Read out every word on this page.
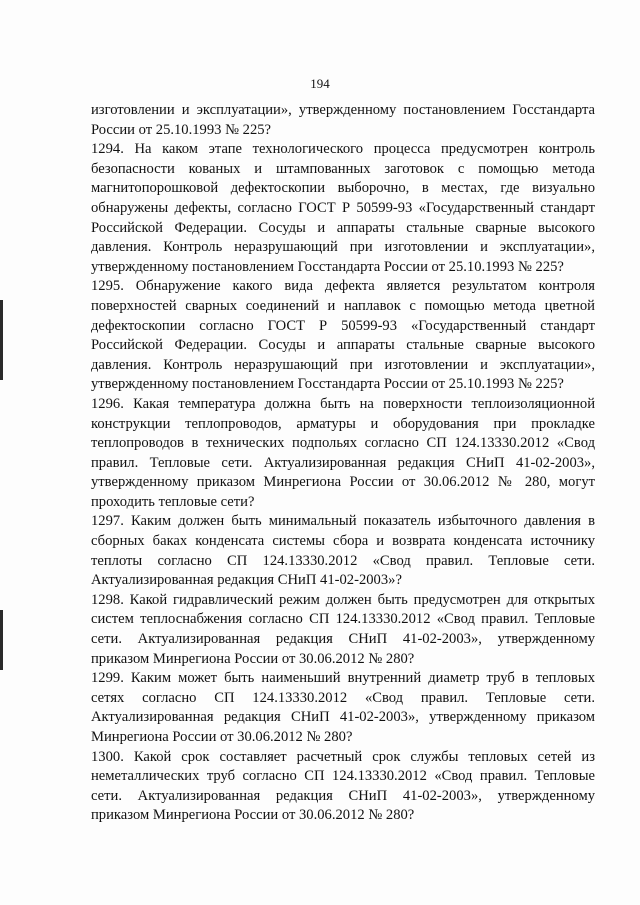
194

изготовлении и эксплуатации», утвержденному постановлением Госстандарта России от 25.10.1993 № 225?

1294. На каком этапе технологического процесса предусмотрен контроль безопасности кованых и штампованных заготовок с помощью метода магнитопорошковой дефектоскопии выборочно, в местах, где визуально обнаружены дефекты, согласно ГОСТ Р 50599-93 «Государственный стандарт Российской Федерации. Сосуды и аппараты стальные сварные высокого давления. Контроль неразрушающий при изготовлении и эксплуатации», утвержденному постановлением Госстандарта России от 25.10.1993 № 225?

1295. Обнаружение какого вида дефекта является результатом контроля поверхностей сварных соединений и наплавок с помощью метода цветной дефектоскопии согласно ГОСТ Р 50599-93 «Государственный стандарт Российской Федерации. Сосуды и аппараты стальные сварные высокого давления. Контроль неразрушающий при изготовлении и эксплуатации», утвержденному постановлением Госстандарта России от 25.10.1993 № 225?

1296. Какая температура должна быть на поверхности теплоизоляционной конструкции теплопроводов, арматуры и оборудования при прокладке теплопроводов в технических подпольях согласно СП 124.13330.2012 «Свод правил. Тепловые сети. Актуализированная редакция СНиП 41-02-2003», утвержденному приказом Минрегиона России от 30.06.2012 № 280, могут проходить тепловые сети?

1297. Каким должен быть минимальный показатель избыточного давления в сборных баках конденсата системы сбора и возврата конденсата источнику теплоты согласно СП 124.13330.2012 «Свод правил. Тепловые сети. Актуализированная редакция СНиП 41-02-2003»?

1298. Какой гидравлический режим должен быть предусмотрен для открытых систем теплоснабжения согласно СП 124.13330.2012 «Свод правил. Тепловые сети. Актуализированная редакция СНиП 41-02-2003», утвержденному приказом Минрегиона России от 30.06.2012 № 280?

1299. Каким может быть наименьший внутренний диаметр труб в тепловых сетях согласно СП 124.13330.2012 «Свод правил. Тепловые сети. Актуализированная редакция СНиП 41-02-2003», утвержденному приказом Минрегиона России от 30.06.2012 № 280?

1300. Какой срок составляет расчетный срок службы тепловых сетей из неметаллических труб согласно СП 124.13330.2012 «Свод правил. Тепловые сети. Актуализированная редакция СНиП 41-02-2003», утвержденному приказом Минрегиона России от 30.06.2012 № 280?
